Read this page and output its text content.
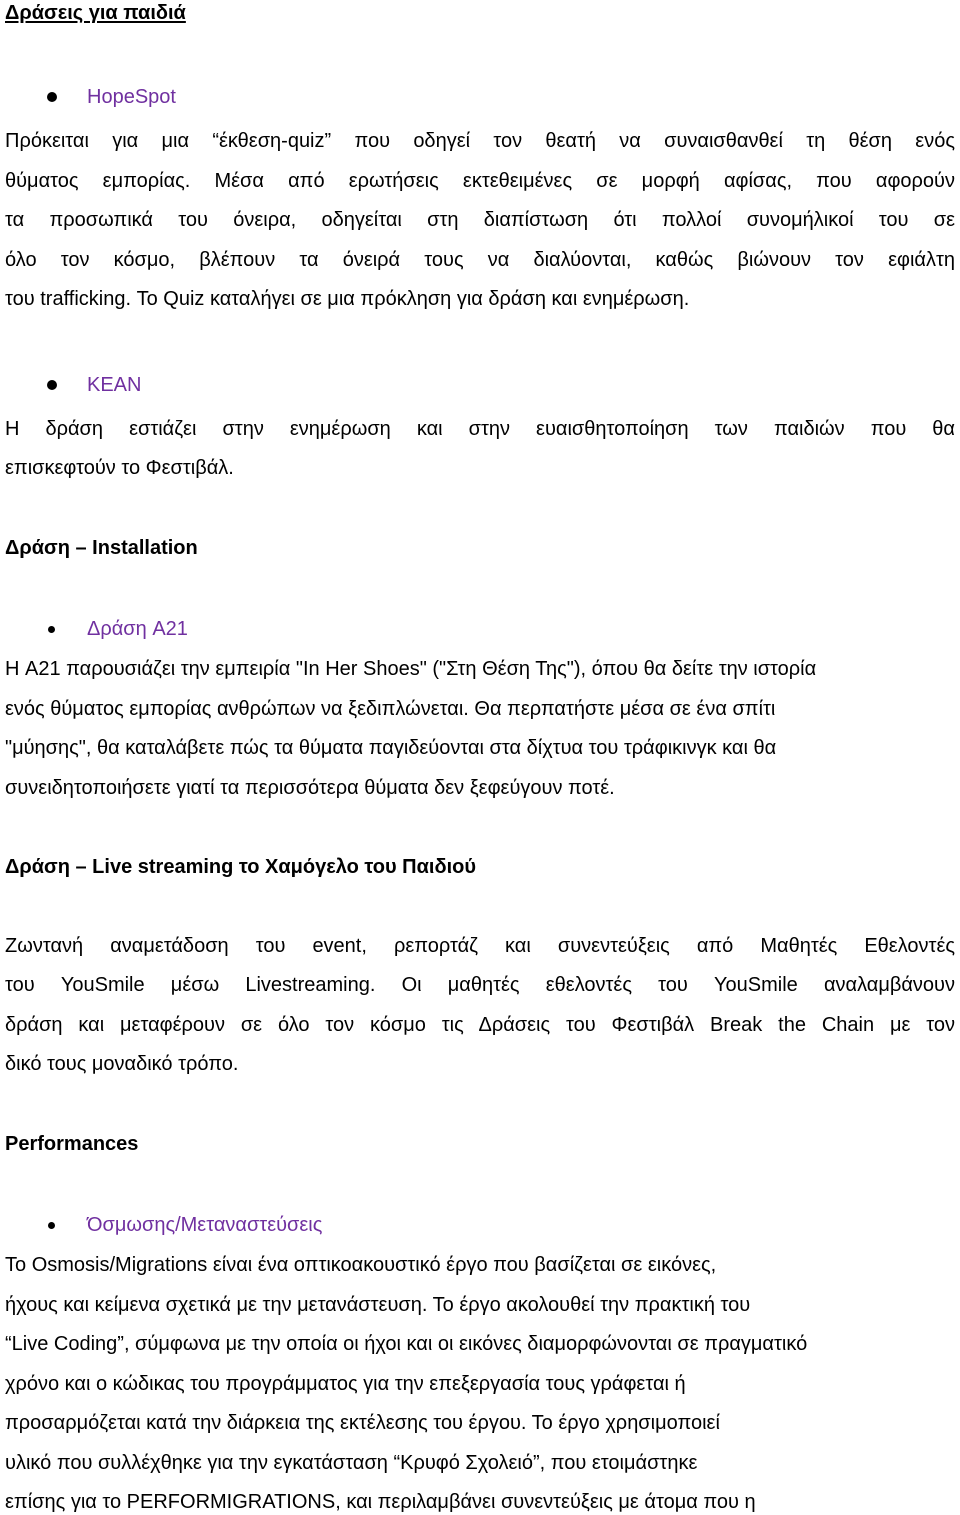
Δράσεις για παιδιά
HopeSpot
Πρόκειται για μια “έκθεση-quiz” που οδηγεί τον θεατή να συναισθανθεί τη θέση ενός
θύματος εμπορίας. Μέσα από ερωτήσεις εκτεθειμένες σε μορφή αφίσας, που αφορούν
τα προσωπικά του όνειρα, οδηγείται στη διαπίστωση ότι πολλοί συνομήλικοί του σε
όλο τον κόσμο, βλέπουν τα όνειρά τους να διαλύονται, καθώς βιώνουν τον εφιάλτη
του trafficking. Το Quiz καταλήγει σε μια πρόκληση για δράση και ενημέρωση.
ΚΕΑΝ
Η δράση εστιάζει στην ενημέρωση και στην ευαισθητοποίηση των παιδιών που θα
επισκεφτούν το Φεστιβάλ.
Δράση – Installation
Δράση A21
Η A21 παρουσιάζει την εμπειρία "In Her Shoes" ("Στη Θέση Της"), όπου θα δείτε την ιστορία
ενός θύματος εμπορίας ανθρώπων να ξεδιπλώνεται. Θα περπατήστε μέσα σε ένα σπίτι
"μύησης", θα καταλάβετε πώς τα θύματα παγιδεύονται στα δίχτυα του τράφικινγκ και θα
συνειδητοποιήσετε γιατί τα περισσότερα θύματα δεν ξεφεύγουν ποτέ.
Δράση – Live streaming το Χαμόγελο του Παιδιού
Ζωντανή αναμετάδοση του event, ρεπορτάζ και συνεντεύξεις από Μαθητές Εθελοντές
του YouSmile μέσω Livestreaming. Οι μαθητές εθελοντές του YouSmile αναλαμβάνουν
δράση και μεταφέρουν σε όλο τον κόσμο τις Δράσεις του Φεστιβάλ Break the Chain με τον
δικό τους μοναδικό τρόπο.
Performances
Όσμωσης/Μεταναστεύσεις
Το Osmosis/Migrations είναι ένα οπτικοακουστικό έργο που βασίζεται σε εικόνες,
ήχους και κείμενα σχετικά με την μετανάστευση. Το έργο ακολουθεί την πρακτική του
“Live Coding”, σύμφωνα με την οποία οι ήχοι και οι εικόνες διαμορφώνονται σε πραγματικό
χρόνο και ο κώδικας του προγράμματος για την επεξεργασία τους γράφεται ή
προσαρμόζεται κατά την διάρκεια της εκτέλεσης του έργου. Το έργο χρησιμοποιεί
υλικό που συλλέχθηκε για την εγκατάσταση “Κρυφό Σχολειό”, που ετοιμάστηκε
επίσης για το PERFORMIGRATIONS, και περιλαμβάνει συνεντεύξεις με άτομα που η
